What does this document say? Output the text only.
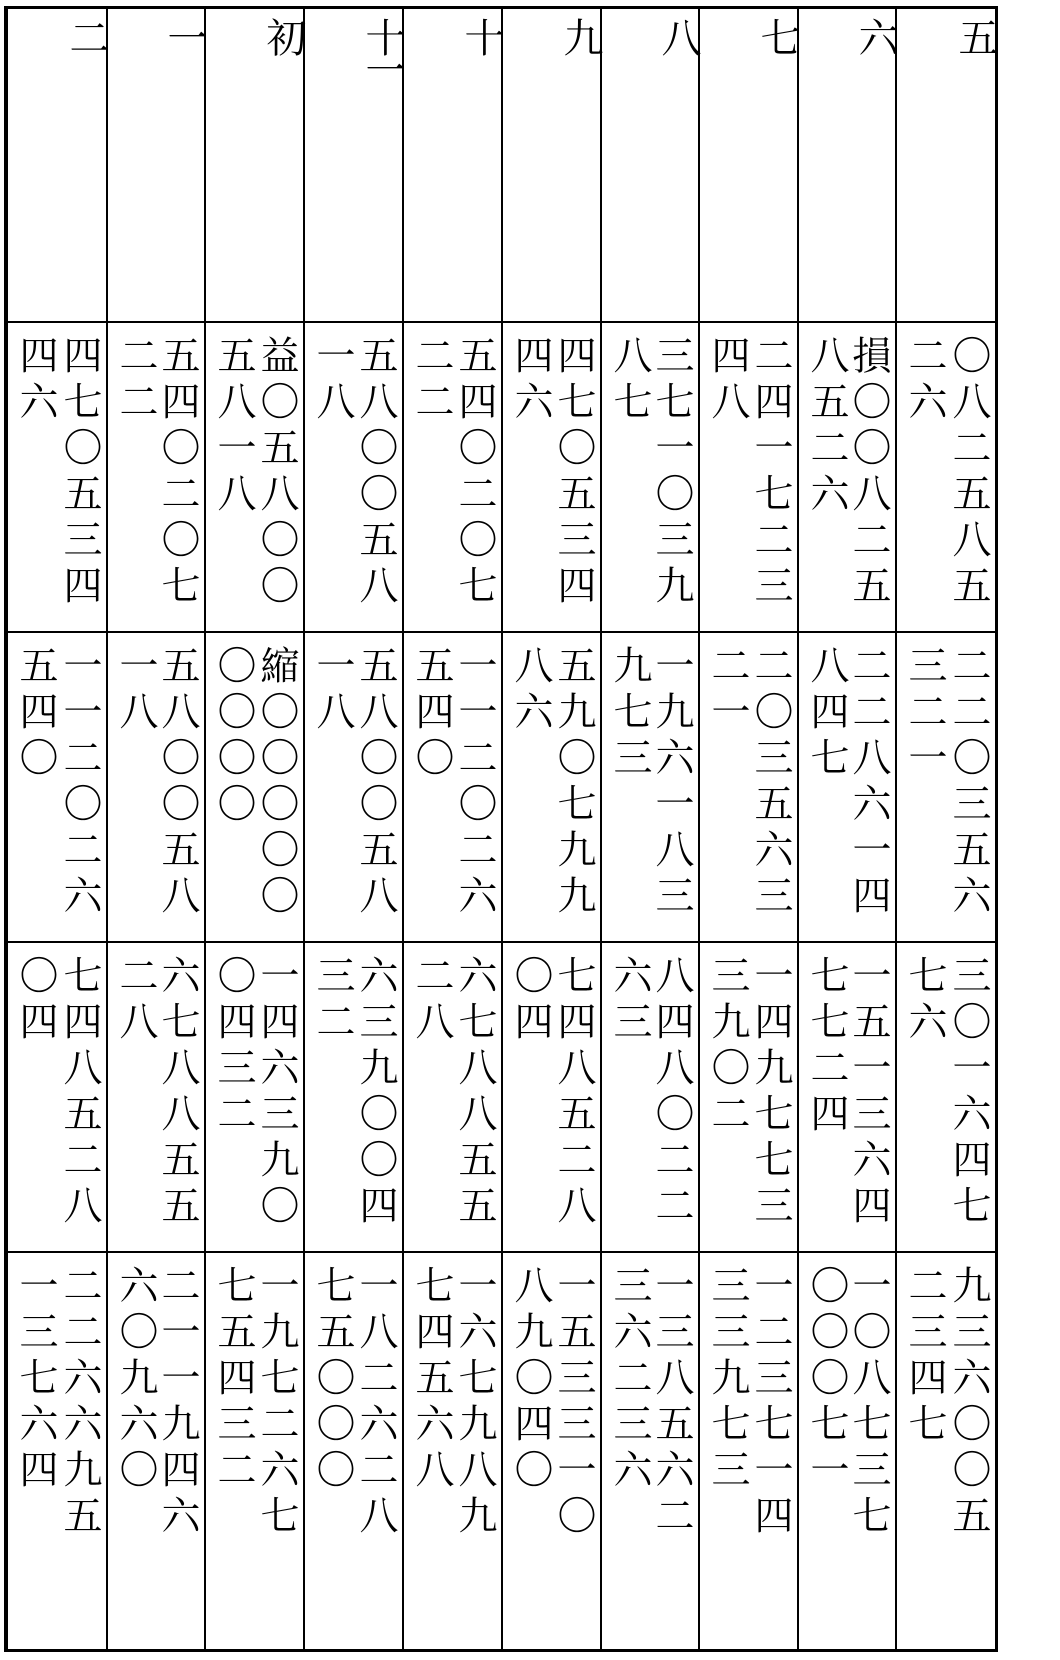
二
四七〇五三四
四六
一一二〇二六
五四〇
七四八五二八
〇四
二二六六九五
一三七六四
一
五四〇二〇七
二二
五八〇〇五八
一八
六七八八五五
二八
二一一九四六
六〇九六〇
初
益〇五八〇〇
五八一八
縮〇〇〇〇〇
〇〇〇〇
一四六三九〇
〇四三二
一九七二六七
七五四三二
十一
五八〇〇五八
一八
五八〇〇五八
一八
六三九〇〇四
三二
一八二六二八
七五〇〇〇
十
五四〇二〇七
二二
一一二〇二六
五四〇
六七八八五五
二八
一六七九八九
七四五六八
九
四七〇五三四
四六
五九〇七九九
八六
七四八五二八
〇四
一五三三一〇
八九〇四〇
八
三七一〇三九
八七
一九六一八三
九七三
八四八〇二二
六三
一三八五六二
三六二三六
七
二四一七二三
四八
二〇三五六三
二一
一四九七七三
三九〇二
一二三七一四
三三九七三
六
損〇〇八二五
八五二六
二二八六一四
八四七
一五一三六四
七七二四
一〇八七三七
〇〇〇七一
五
〇八二五八五
二六
二二〇三五六
三二一
三〇一六四七
七六
九三六〇〇五
二三四七
